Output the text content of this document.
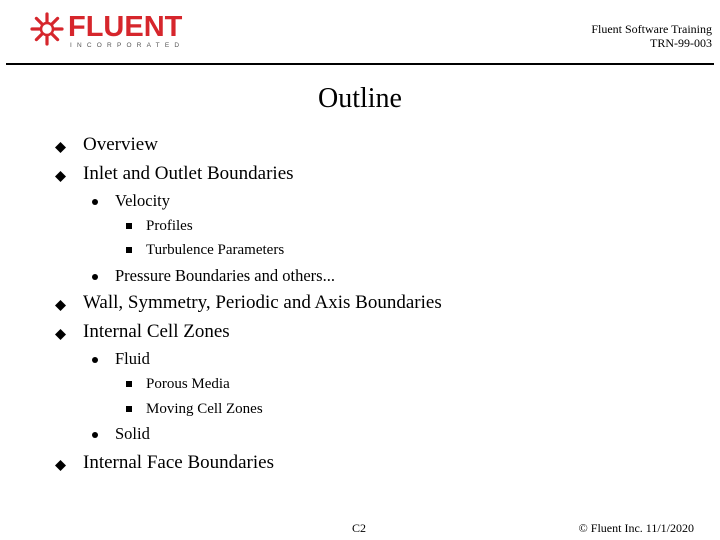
FLUENT
INCORPORATED
Fluent Software Training
TRN-99-003
Outline
Overview
Inlet and Outlet Boundaries
Velocity
Profiles
Turbulence Parameters
Pressure Boundaries and others...
Wall, Symmetry, Periodic and Axis Boundaries
Internal Cell Zones
Fluid
Porous Media
Moving Cell Zones
Solid
Internal Face Boundaries
C2	© Fluent Inc. 11/1/2020
